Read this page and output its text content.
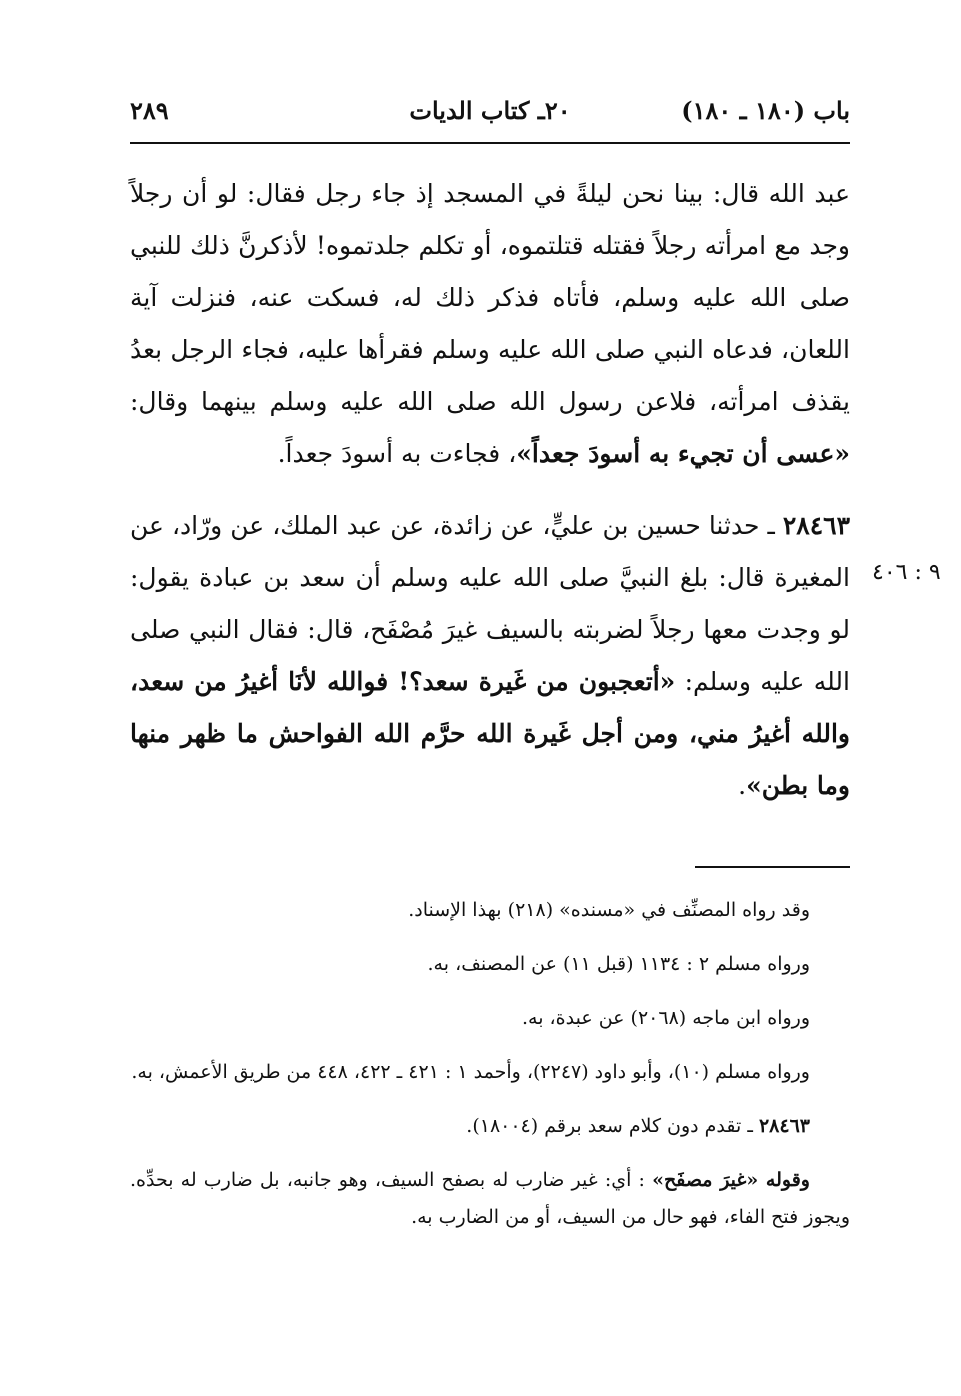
باب (١٨٠ ـ ١٨٠)
٢٠ـ كتاب الديات
٢٨٩

عبد الله قال: بينا نحن ليلةً في المسجد إذ جاء رجل فقال: لو أن رجلاً وجد مع امرأته رجلاً فقتله قتلتموه، أو تكلم جلدتموه! لأذكرنَّ ذلك للنبي صلى الله عليه وسلم، فأتاه فذكر ذلك له، فسكت عنه، فنزلت آية اللعان، فدعاه النبي صلى الله عليه وسلم فقرأها عليه، فجاء الرجل بعدُ يقذف امرأته، فلاعن رسول الله صلى الله عليه وسلم بينهما وقال: «عسى أن تجيء به أسودَ جعداً»، فجاءت به أسودَ جعداً.

٢٨٤٦٣ ـ حدثنا حسين بن عليٍّ، عن زائدة، عن عبد الملك، عن ورّاد، عن المغيرة قال: بلغ النبيَّ صلى الله عليه وسلم أن سعد بن عبادة يقول: لو وجدت معها رجلاً لضربته بالسيف غيرَ مُصْفَح، قال: فقال النبي صلى الله عليه وسلم: «أتعجبون من غَيرة سعد؟! فوالله لأنَا أغيرُ من سعد، والله أغيرُ مني، ومن أجل غَيرة الله حرَّم الله الفواحش ما ظهر منها وما بطن».

٩ : ٤٠٦

وقد رواه المصنِّف في «مسنده» (٢١٨) بهذا الإسناد.

ورواه مسلم ٢ : ١١٣٤ (قبل ١١) عن المصنف، به.

ورواه ابن ماجه (٢٠٦٨) عن عبدة، به.

ورواه مسلم (١٠)، وأبو داود (٢٢٤٧)، وأحمد ١ : ٤٢١ ـ ٤٢٢، ٤٤٨ من طريق الأعمش، به.

٢٨٤٦٣ ـ تقدم دون كلام سعد برقم (١٨٠٠٤).

وقوله «غيرَ مصفَح» : أي: غير ضارب له بصفح السيف، وهو جانبه، بل ضارب له بحدِّه. ويجوز فتح الفاء، فهو حال من السيف، أو من الضارب به.
